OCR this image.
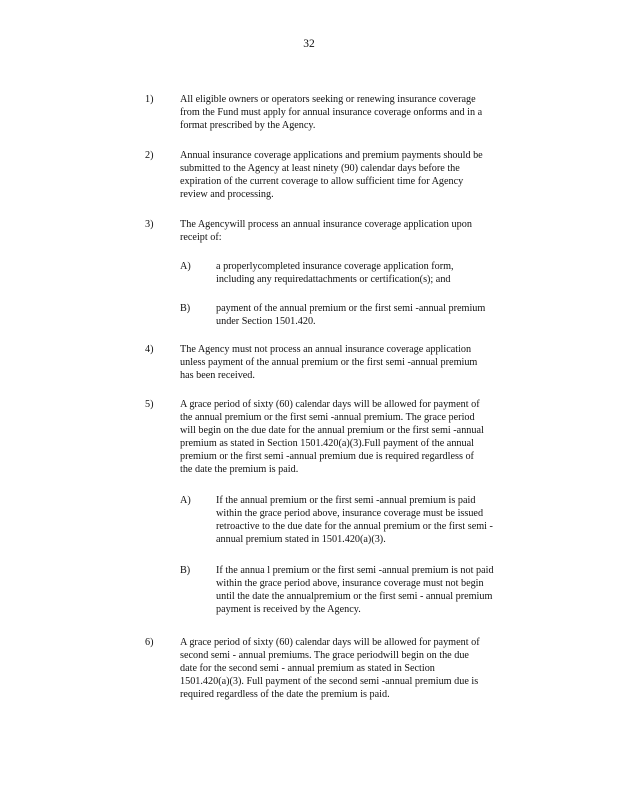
32
1)	All eligible owners or operators seeking or renewing insurance coverage
from the Fund must apply for annual insurance coverage onforms and in a
format prescribed by the Agency.
2)	Annual insurance coverage applications and premium payments should be
submitted to the Agency at least ninety (90) calendar days before the
expiration of the current coverage to allow sufficient time for Agency
review and processing.
3)	The Agencywill process an annual insurance coverage application upon
receipt of:
A) a properlycompleted insurance coverage application form,
including any requiredattachments or certification(s); and
B)	payment of the annual premium or the first semi -annual premium
under Section 1501.420.
4)	The Agency must not process an annual insurance coverage application
unless payment of the annual premium or the first semi -annual premium
has been received.
5)	A grace period of sixty (60) calendar days will be allowed for payment of
the annual premium or the first semi -annual premium. The grace period
will begin on the due date for the annual premium or the first semi -annual
premium as stated in Section 1501.420(a)(3).Full payment of the annual
premium or the first semi -annual premium due is required regardless of
the date the premium is paid.
A) If the annual premium or the first semi -annual premium is paid
within the grace period above, insurance coverage must be issued
retroactive to the due date for the annual premium or the first semi -
annual premium stated in 1501.420(a)(3).
B)	If the annua l premium or the first semi -annual premium is not paid
within the grace period above, insurance coverage must not begin
until the date the annualpremium or the first semi - annual premium
payment is received by the Agency.
6)	A grace period of sixty (60) calendar days will be allowed for payment of
second semi - annual premiums. The grace periodwill begin on the due
date for the second semi - annual premium as stated in Section
1501.420(a)(3). Full payment of the second semi -annual premium due is
required regardless of the date the premium is paid.
